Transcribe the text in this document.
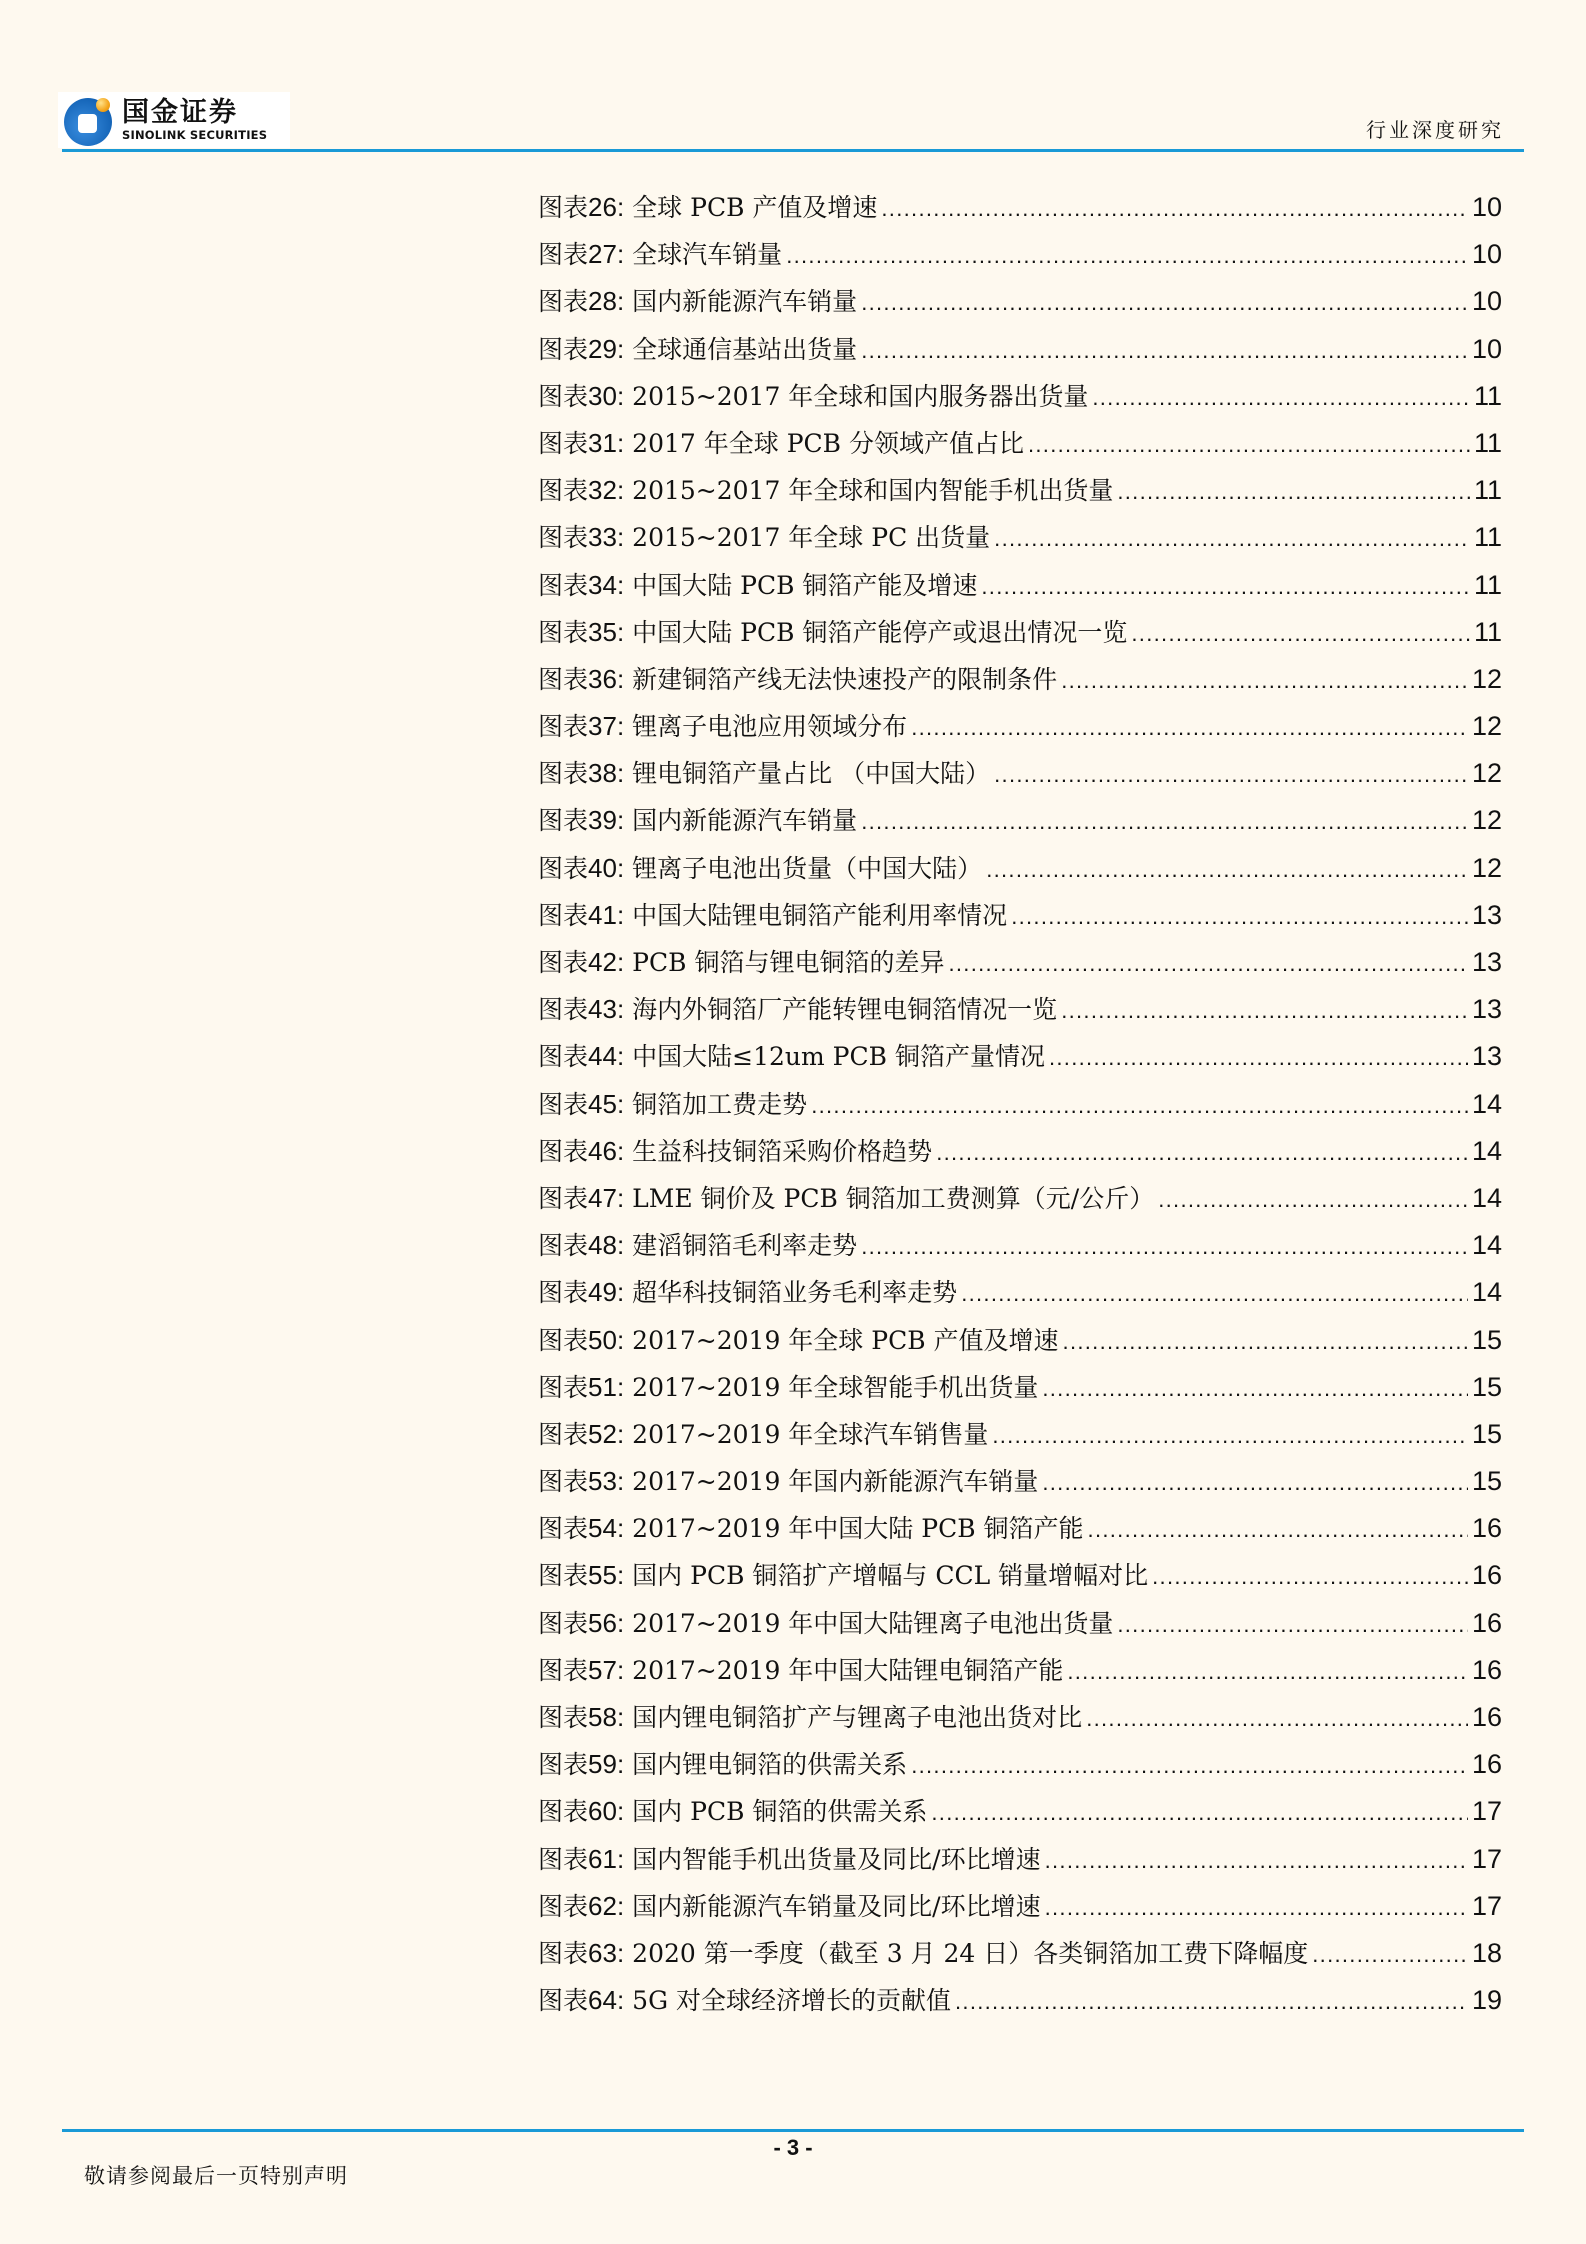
国金证券
SINOLINK SECURITIES	行业深度研究
图表26: 全球 PCB 产值及增速 .....	10
图表27: 全球汽车销量 .....	10
图表28: 国内新能源汽车销量 .....	10
图表29: 全球通信基站出货量 .....	10
图表30: 2015~2017 年全球和国内服务器出货量 .....	11
图表31: 2017 年全球 PCB 分领域产值占比 .....	11
图表32: 2015~2017 年全球和国内智能手机出货量 .....	11
图表33: 2015~2017 年全球 PC 出货量 .....	11
图表34: 中国大陆 PCB 铜箔产能及增速 .....	11
图表35: 中国大陆 PCB 铜箔产能停产或退出情况一览 .....	11
图表36: 新建铜箔产线无法快速投产的限制条件 .....	12
图表37: 锂离子电池应用领域分布 .....	12
图表38: 锂电铜箔产量占比 （中国大陆） .....	12
图表39: 国内新能源汽车销量 .....	12
图表40: 锂离子电池出货量（中国大陆） .....	12
图表41: 中国大陆锂电铜箔产能利用率情况 .....	13
图表42: PCB 铜箔与锂电铜箔的差异 .....	13
图表43: 海内外铜箔厂产能转锂电铜箔情况一览 .....	13
图表44: 中国大陆≤12um PCB 铜箔产量情况 .....	13
图表45: 铜箔加工费走势 .....	14
图表46: 生益科技铜箔采购价格趋势 .....	14
图表47: LME 铜价及 PCB 铜箔加工费测算（元/公斤） .....	14
图表48: 建滔铜箔毛利率走势 .....	14
图表49: 超华科技铜箔业务毛利率走势 .....	14
图表50: 2017~2019 年全球 PCB 产值及增速 .....	15
图表51: 2017~2019 年全球智能手机出货量 .....	15
图表52: 2017~2019 年全球汽车销售量 .....	15
图表53: 2017~2019 年国内新能源汽车销量 .....	15
图表54: 2017~2019 年中国大陆 PCB 铜箔产能 .....	16
图表55: 国内 PCB 铜箔扩产增幅与 CCL 销量增幅对比 .....	16
图表56: 2017~2019 年中国大陆锂离子电池出货量 .....	16
图表57: 2017~2019 年中国大陆锂电铜箔产能 .....	16
图表58: 国内锂电铜箔扩产与锂离子电池出货对比 .....	16
图表59: 国内锂电铜箔的供需关系 .....	16
图表60: 国内 PCB 铜箔的供需关系 .....	17
图表61: 国内智能手机出货量及同比/环比增速 .....	17
图表62: 国内新能源汽车销量及同比/环比增速 .....	17
图表63: 2020 第一季度（截至 3 月 24 日）各类铜箔加工费下降幅度 .....	18
图表64: 5G 对全球经济增长的贡献值 .....	19
- 3 -
敬请参阅最后一页特别声明
